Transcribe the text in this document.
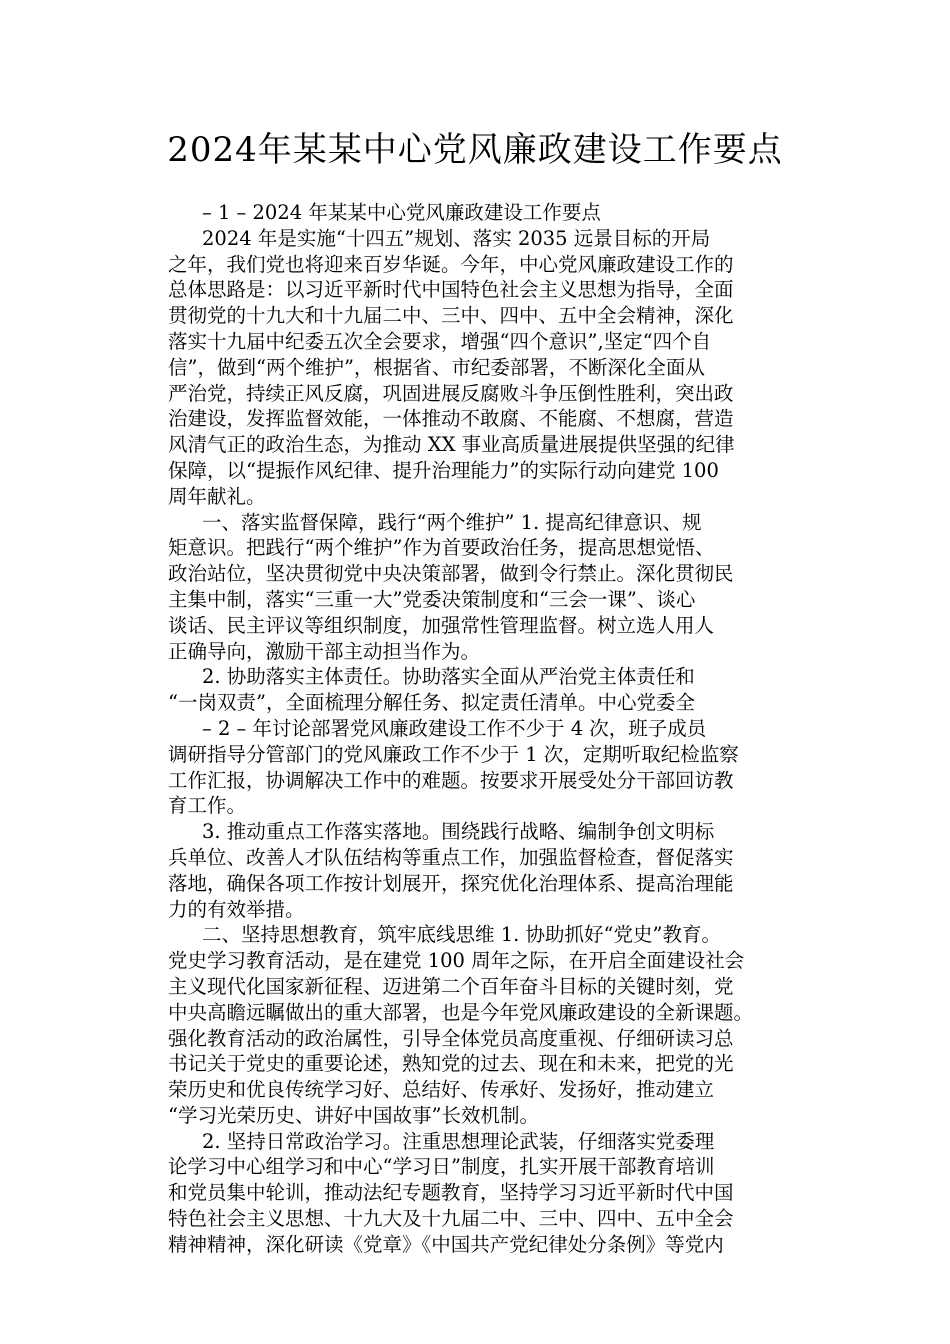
2024年某某中心党风廉政建设工作要点
– 1 – 2024 年某某中心党风廉政建设工作要点
2024 年是实施“十四五”规划、落实 2035 远景目标的开局
之年，我们党也将迎来百岁华诞。今年，中心党风廉政建设工作的
总体思路是：以习近平新时代中国特色社会主义思想为指导，全面
贯彻党的十九大和十九届二中、三中、四中、五中全会精神，深化
落实十九届中纪委五次全会要求，增强“四个意识”,坚定“四个自
信”，做到“两个维护”，根据省、市纪委部署，不断深化全面从
严治党，持续正风反腐，巩固进展反腐败斗争压倒性胜利，突出政
治建设，发挥监督效能，一体推动不敢腐、不能腐、不想腐，营造
风清气正的政治生态，为推动 XX 事业高质量进展提供坚强的纪律
保障，以“提振作风纪律、提升治理能力”的实际行动向建党 100
周年献礼。
一、落实监督保障，践行“两个维护” 1. 提高纪律意识、规
矩意识。把践行“两个维护”作为首要政治任务，提高思想觉悟、
政治站位，坚决贯彻党中央决策部署，做到令行禁止。深化贯彻民
主集中制，落实“三重一大”党委决策制度和“三会一课”、谈心
谈话、民主评议等组织制度，加强常性管理监督。树立选人用人
正确导向，激励干部主动担当作为。
2. 协助落实主体责任。协助落实全面从严治党主体责任和
“一岗双责”，全面梳理分解任务、拟定责任清单。中心党委全
– 2 – 年讨论部署党风廉政建设工作不少于 4 次，班子成员
调研指导分管部门的党风廉政工作不少于 1 次，定期听取纪检监察
工作汇报，协调解决工作中的难题。按要求开展受处分干部回访教
育工作。
3. 推动重点工作落实落地。围绕践行战略、编制争创文明标
兵单位、改善人才队伍结构等重点工作，加强监督检查，督促落实
落地，确保各项工作按计划展开，探究优化治理体系、提高治理能
力的有效举措。
二、坚持思想教育，筑牢底线思维 1. 协助抓好“党史”教育。
党史学习教育活动，是在建党 100 周年之际，在开启全面建设社会
主义现代化国家新征程、迈进第二个百年奋斗目标的关键时刻，党
中央高瞻远瞩做出的重大部署，也是今年党风廉政建设的全新课题。
强化教育活动的政治属性，引导全体党员高度重视、仔细研读习总
书记关于党史的重要论述，熟知党的过去、现在和未来，把党的光
荣历史和优良传统学习好、总结好、传承好、发扬好，推动建立
“学习光荣历史、讲好中国故事”长效机制。
2. 坚持日常政治学习。注重思想理论武装，仔细落实党委理
论学习中心组学习和中心“学习日”制度，扎实开展干部教育培训
和党员集中轮训，推动法纪专题教育，坚持学习习近平新时代中国
特色社会主义思想、十九大及十九届二中、三中、四中、五中全会
精神精神，深化研读《党章》《中国共产党纪律处分条例》等党内
